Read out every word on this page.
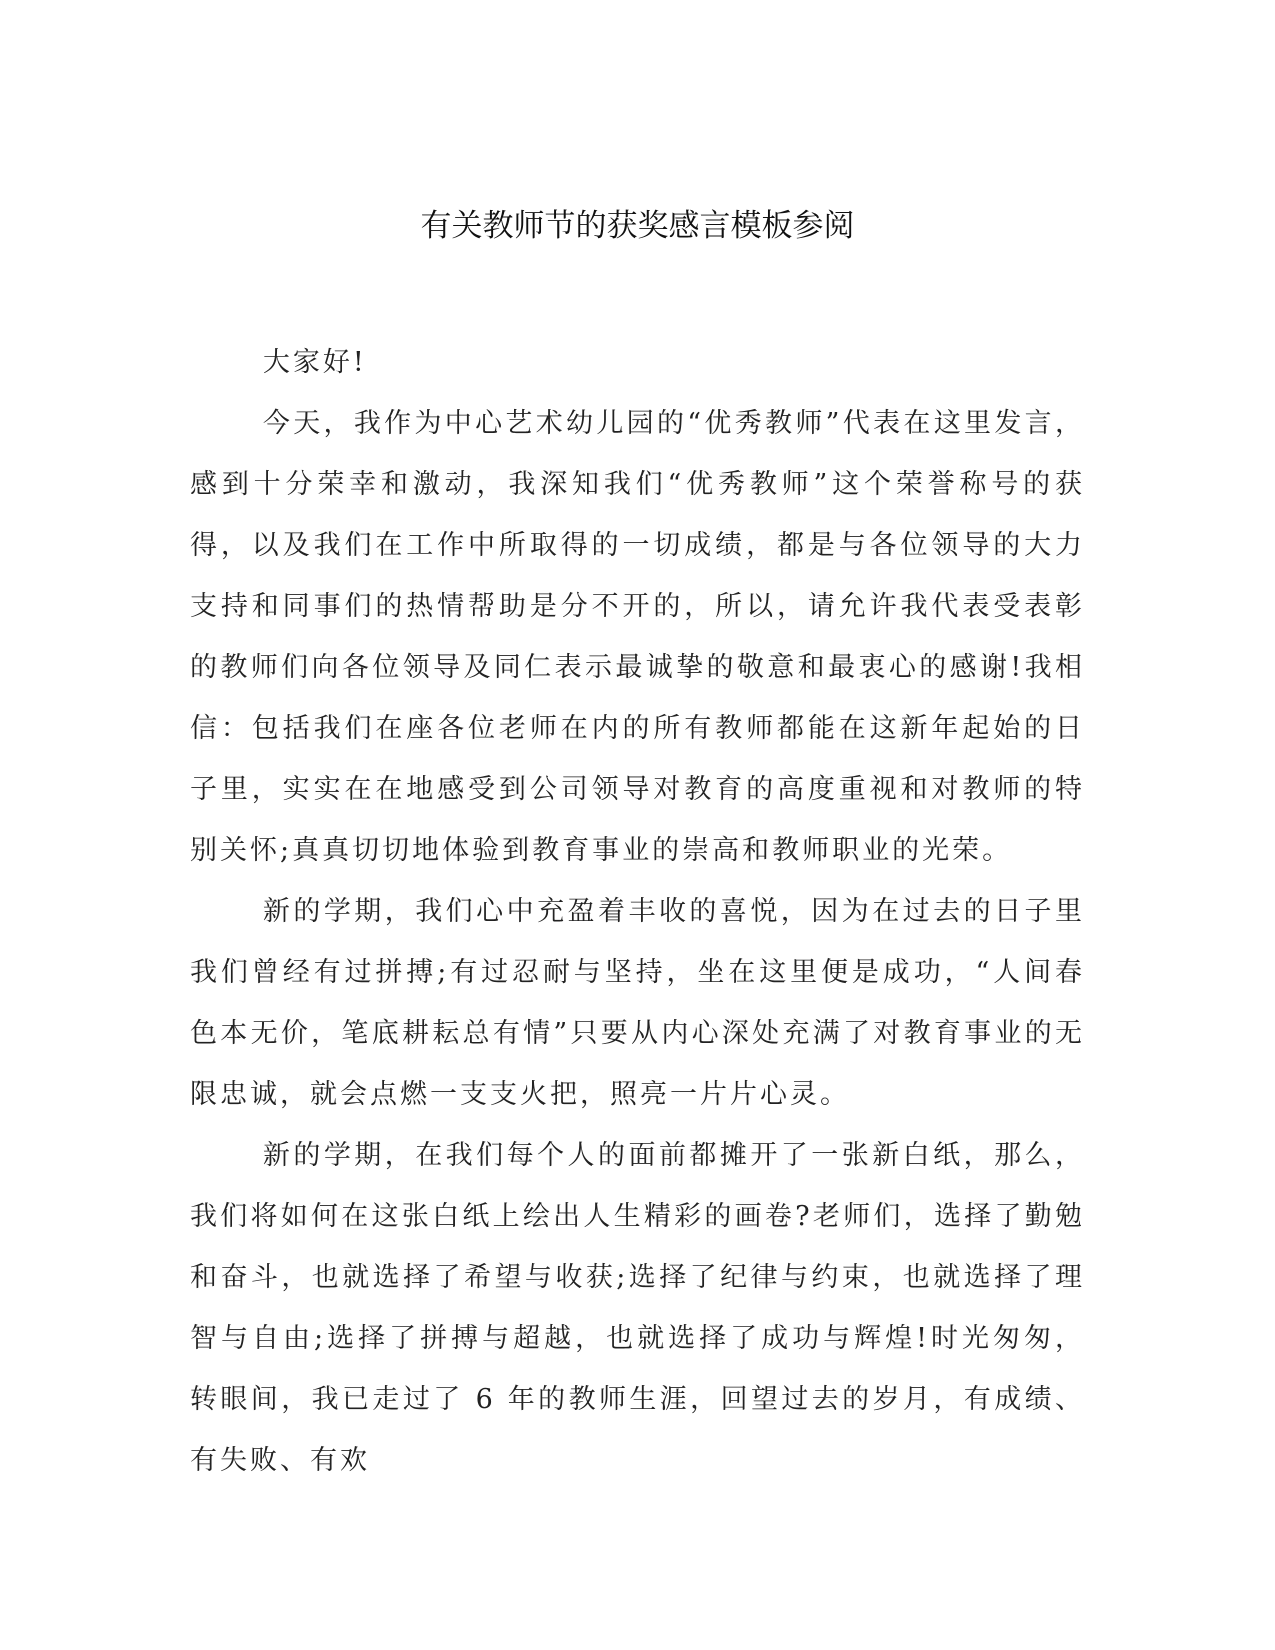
有关教师节的获奖感言模板参阅

大家好!

今天，我作为中心艺术幼儿园的“优秀教师”代表在这里发言，感到十分荣幸和激动，我深知我们“优秀教师”这个荣誉称号的获得，以及我们在工作中所取得的一切成绩，都是与各位领导的大力支持和同事们的热情帮助是分不开的，所以，请允许我代表受表彰的教师们向各位领导及同仁表示最诚挚的敬意和最衷心的感谢!我相信：包括我们在座各位老师在内的所有教师都能在这新年起始的日子里，实实在在地感受到公司领导对教育的高度重视和对教师的特别关怀;真真切切地体验到教育事业的崇高和教师职业的光荣。

新的学期，我们心中充盈着丰收的喜悦，因为在过去的日子里我们曾经有过拼搏;有过忍耐与坚持，坐在这里便是成功，“人间春色本无价，笔底耕耘总有情”只要从内心深处充满了对教育事业的无限忠诚，就会点燃一支支火把，照亮一片片心灵。

新的学期，在我们每个人的面前都摊开了一张新白纸，那么，我们将如何在这张白纸上绘出人生精彩的画卷?老师们，选择了勤勉和奋斗，也就选择了希望与收获;选择了纪律与约束，也就选择了理智与自由;选择了拼搏与超越，也就选择了成功与辉煌!时光匆匆，转眼间，我已走过了 6 年的教师生涯，回望过去的岁月，有成绩、有失败、有欢
